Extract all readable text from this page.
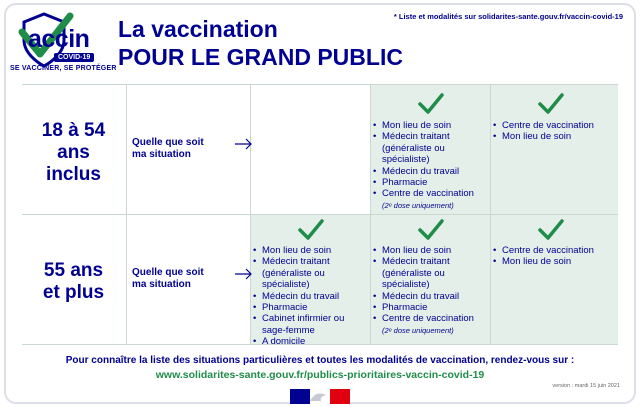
accin
COVID-19
SE VACCINER, SE PROTÉGER
La vaccination
POUR LE GRAND PUBLIC
* Liste et modalités sur solidarites-sante.gouv.fr/vaccin-covid-19
18 à 54
ans
inclus
Quelle que soit
ma situation
• Mon lieu de soin
• Médecin traitant
(généraliste ou
spécialiste)
• Médecin du travail
• Pharmacie
• Centre de vaccination
(2ᵉ dose uniquement)
• Centre de vaccination
• Mon lieu de soin
55 ans
et plus
Quelle que soit
ma situation
• Mon lieu de soin
• Médecin traitant
(généraliste ou
spécialiste)
• Médecin du travail
• Pharmacie
• Cabinet infirmier ou
sage-femme
• A domicile
• Mon lieu de soin
• Médecin traitant
(généraliste ou
spécialiste)
• Médecin du travail
• Pharmacie
• Centre de vaccination
(2ᵉ dose uniquement)
• Centre de vaccination
• Mon lieu de soin
Pour connaître la liste des situations particulières et toutes les modalités de vaccination, rendez-vous sur :
www.solidarites-sante.gouv.fr/publics-prioritaires-vaccin-covid-19
version : mardi 15 juin 2021
